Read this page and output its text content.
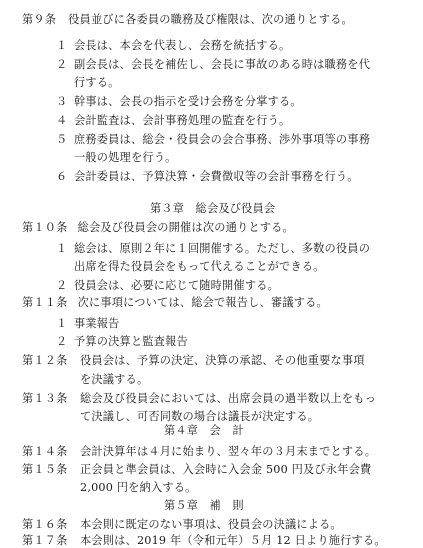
第９条 役員並びに各委員の職務及び権限は、次の通りとする。
１ 会長は、本会を代表し、会務を統括する。
２ 副会長は、会長を補佐し、会長に事故のある時は職務を代
行する。
３ 幹事は、会長の指示を受け会務を分掌する。
４ 会計監査は、会計事務処理の監査を行う。
５ 庶務委員は、総会・役員会の会合事務、渉外事項等の事務
一般の処理を行う。
６ 会計委員は、予算決算・会費徴収等の会計事務を行う。
第３章　総会及び役員会
第１０条 総会及び役員会の開催は次の通りとする。
１ 総会は、原則２年に１回開催する。ただし、多数の役員の
出席を得た役員会をもって代えることができる。
２ 役員会は、必要に応じて随時開催する。
第１１条 次に事項については、総会で報告し、審議する。
１ 事業報告
２ 予算の決算と監査報告
第１２条 役員会は、予算の決定、決算の承認、その他重要な事項
を決議する。
第１３条 総会及び役員会においては、出席会員の過半数以上をもっ
て決議し、可否同数の場合は議長が決定する。
第４章　会　計
第１４条 会計決算年は４月に始まり、翌々年の３月末までとする。
第１５条 正会員と準会員は、入会時に入会金 500 円及び永年会費
2,000 円を納入する。
第５章　補　則
第１６条 本会則に既定のない事項は、役員会の決議による。
第１７条 本会則は、2019 年（令和元年）５月 12 日より施行する。
